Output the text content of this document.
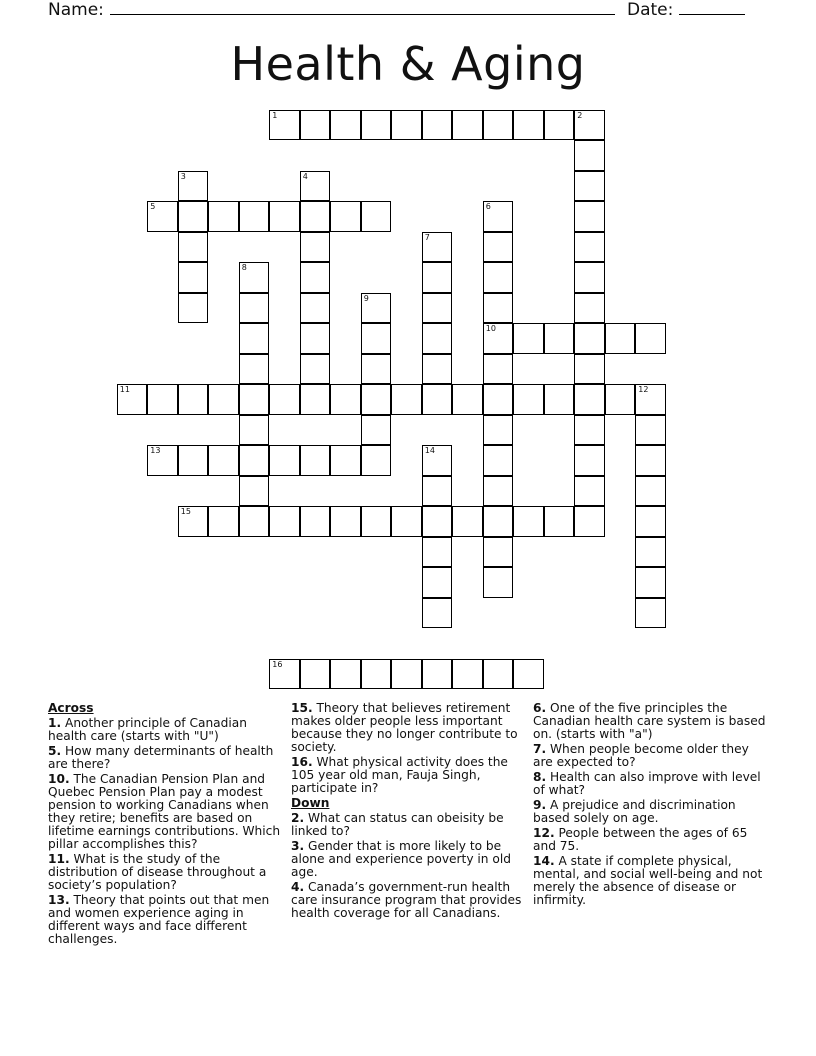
Name:	Date:
Health & Aging
1
5
10
11	12
13
15
16
2
3	4
6
7
8
9
14
Across
1. Another principle of Canadian health care (starts with "U")
5. How many determinants of health are there?
10. The Canadian Pension Plan and Quebec Pension Plan pay a modest pension to working Canadians when they retire; benefits are based on lifetime earnings contributions. Which pillar accomplishes this?
11. What is the study of the distribution of disease throughout a society’s population?
13. Theory that points out that men and women experience aging in different ways and face different challenges.
15. Theory that believes retirement makes older people less important because they no longer contribute to society.
16. What physical activity does the 105 year old man, Fauja Singh, participate in?
Down
2. What can status can obeisity be linked to?
3. Gender that is more likely to be alone and experience poverty in old age.
4. Canada’s government-run health care insurance program that provides health coverage for all Canadians.
6. One of the five principles the Canadian health care system is based on. (starts with "a")
7. When people become older they are expected to?
8. Health can also improve with level of what?
9. A prejudice and discrimination based solely on age.
12. People between the ages of 65 and 75.
14. A state if complete physical, mental, and social well-being and not merely the absence of disease or infirmity.
